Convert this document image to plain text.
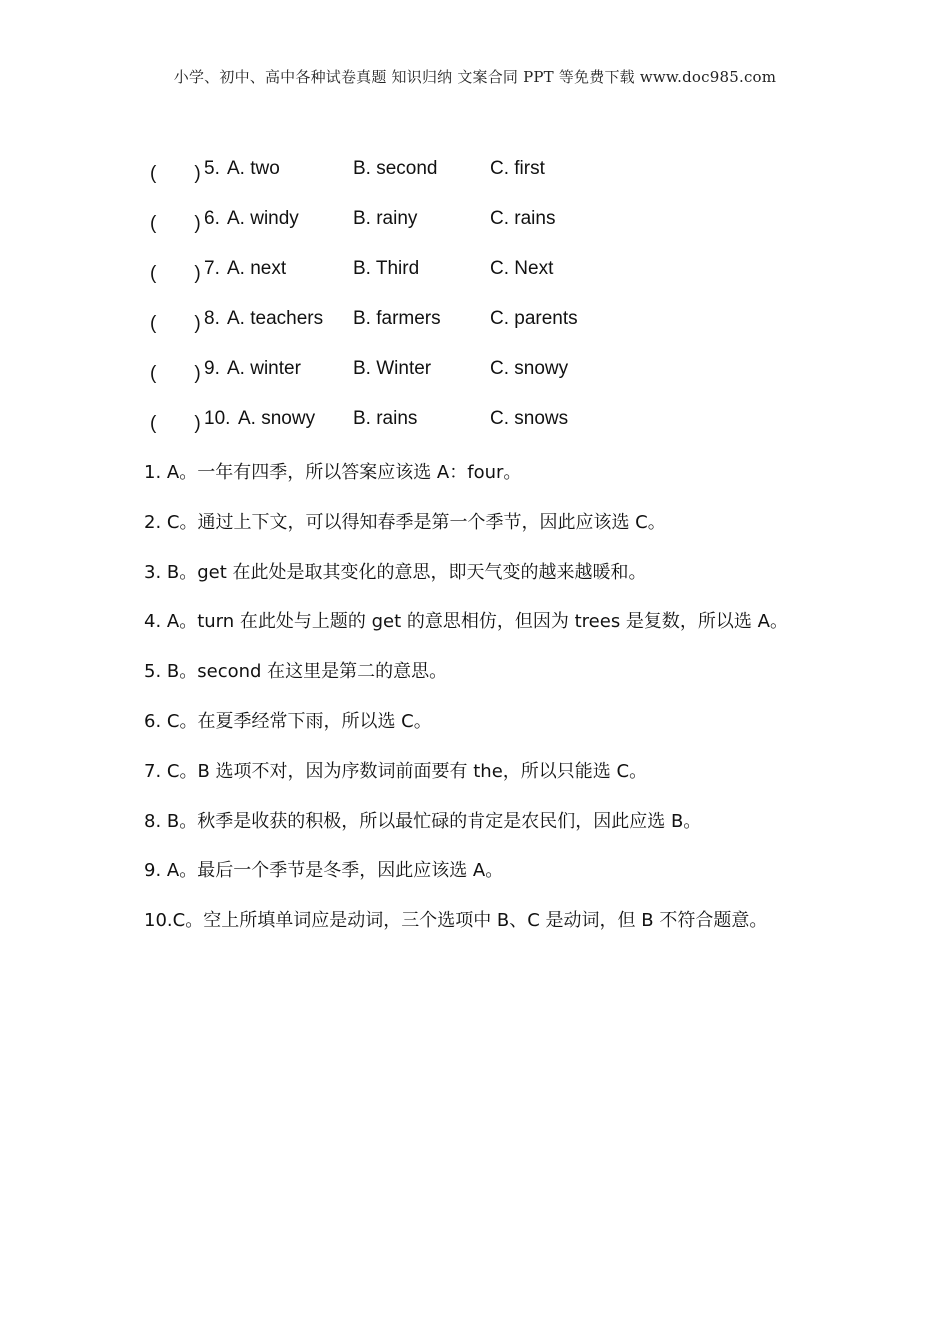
小学、初中、高中各种试卷真题 知识归纳 文案合同 PPT 等免费下载 www.doc985.com
(　　) 5. A. two	B. second	C. first
(　　) 6. A. windy	B. rainy	C. rains
(　　) 7. A. next	B. Third	C. Next
(　　) 8. A. teachers B. farmers	C. parents
(　　) 9. A. winter	B. Winter	C. snowy
(　　) 10. A. snowy B. rains	C. snows
1. A。一年有四季，所以答案应该选 A：four。
2. C。通过上下文，可以得知春季是第一个季节，因此应该选 C。
3. B。get 在此处是取其变化的意思，即天气变的越来越暖和。
4. A。turn 在此处与上题的 get 的意思相仿，但因为 trees 是复数，所以选 A。
5. B。second 在这里是第二的意思。
6. C。在夏季经常下雨，所以选 C。
7. C。B 选项不对，因为序数词前面要有 the，所以只能选 C。
8. B。秋季是收获的积极，所以最忙碌的肯定是农民们，因此应选 B。
9. A。最后一个季节是冬季，因此应该选 A。
10.C。空上所填单词应是动词，三个选项中 B、C 是动词，但 B 不符合题意。
